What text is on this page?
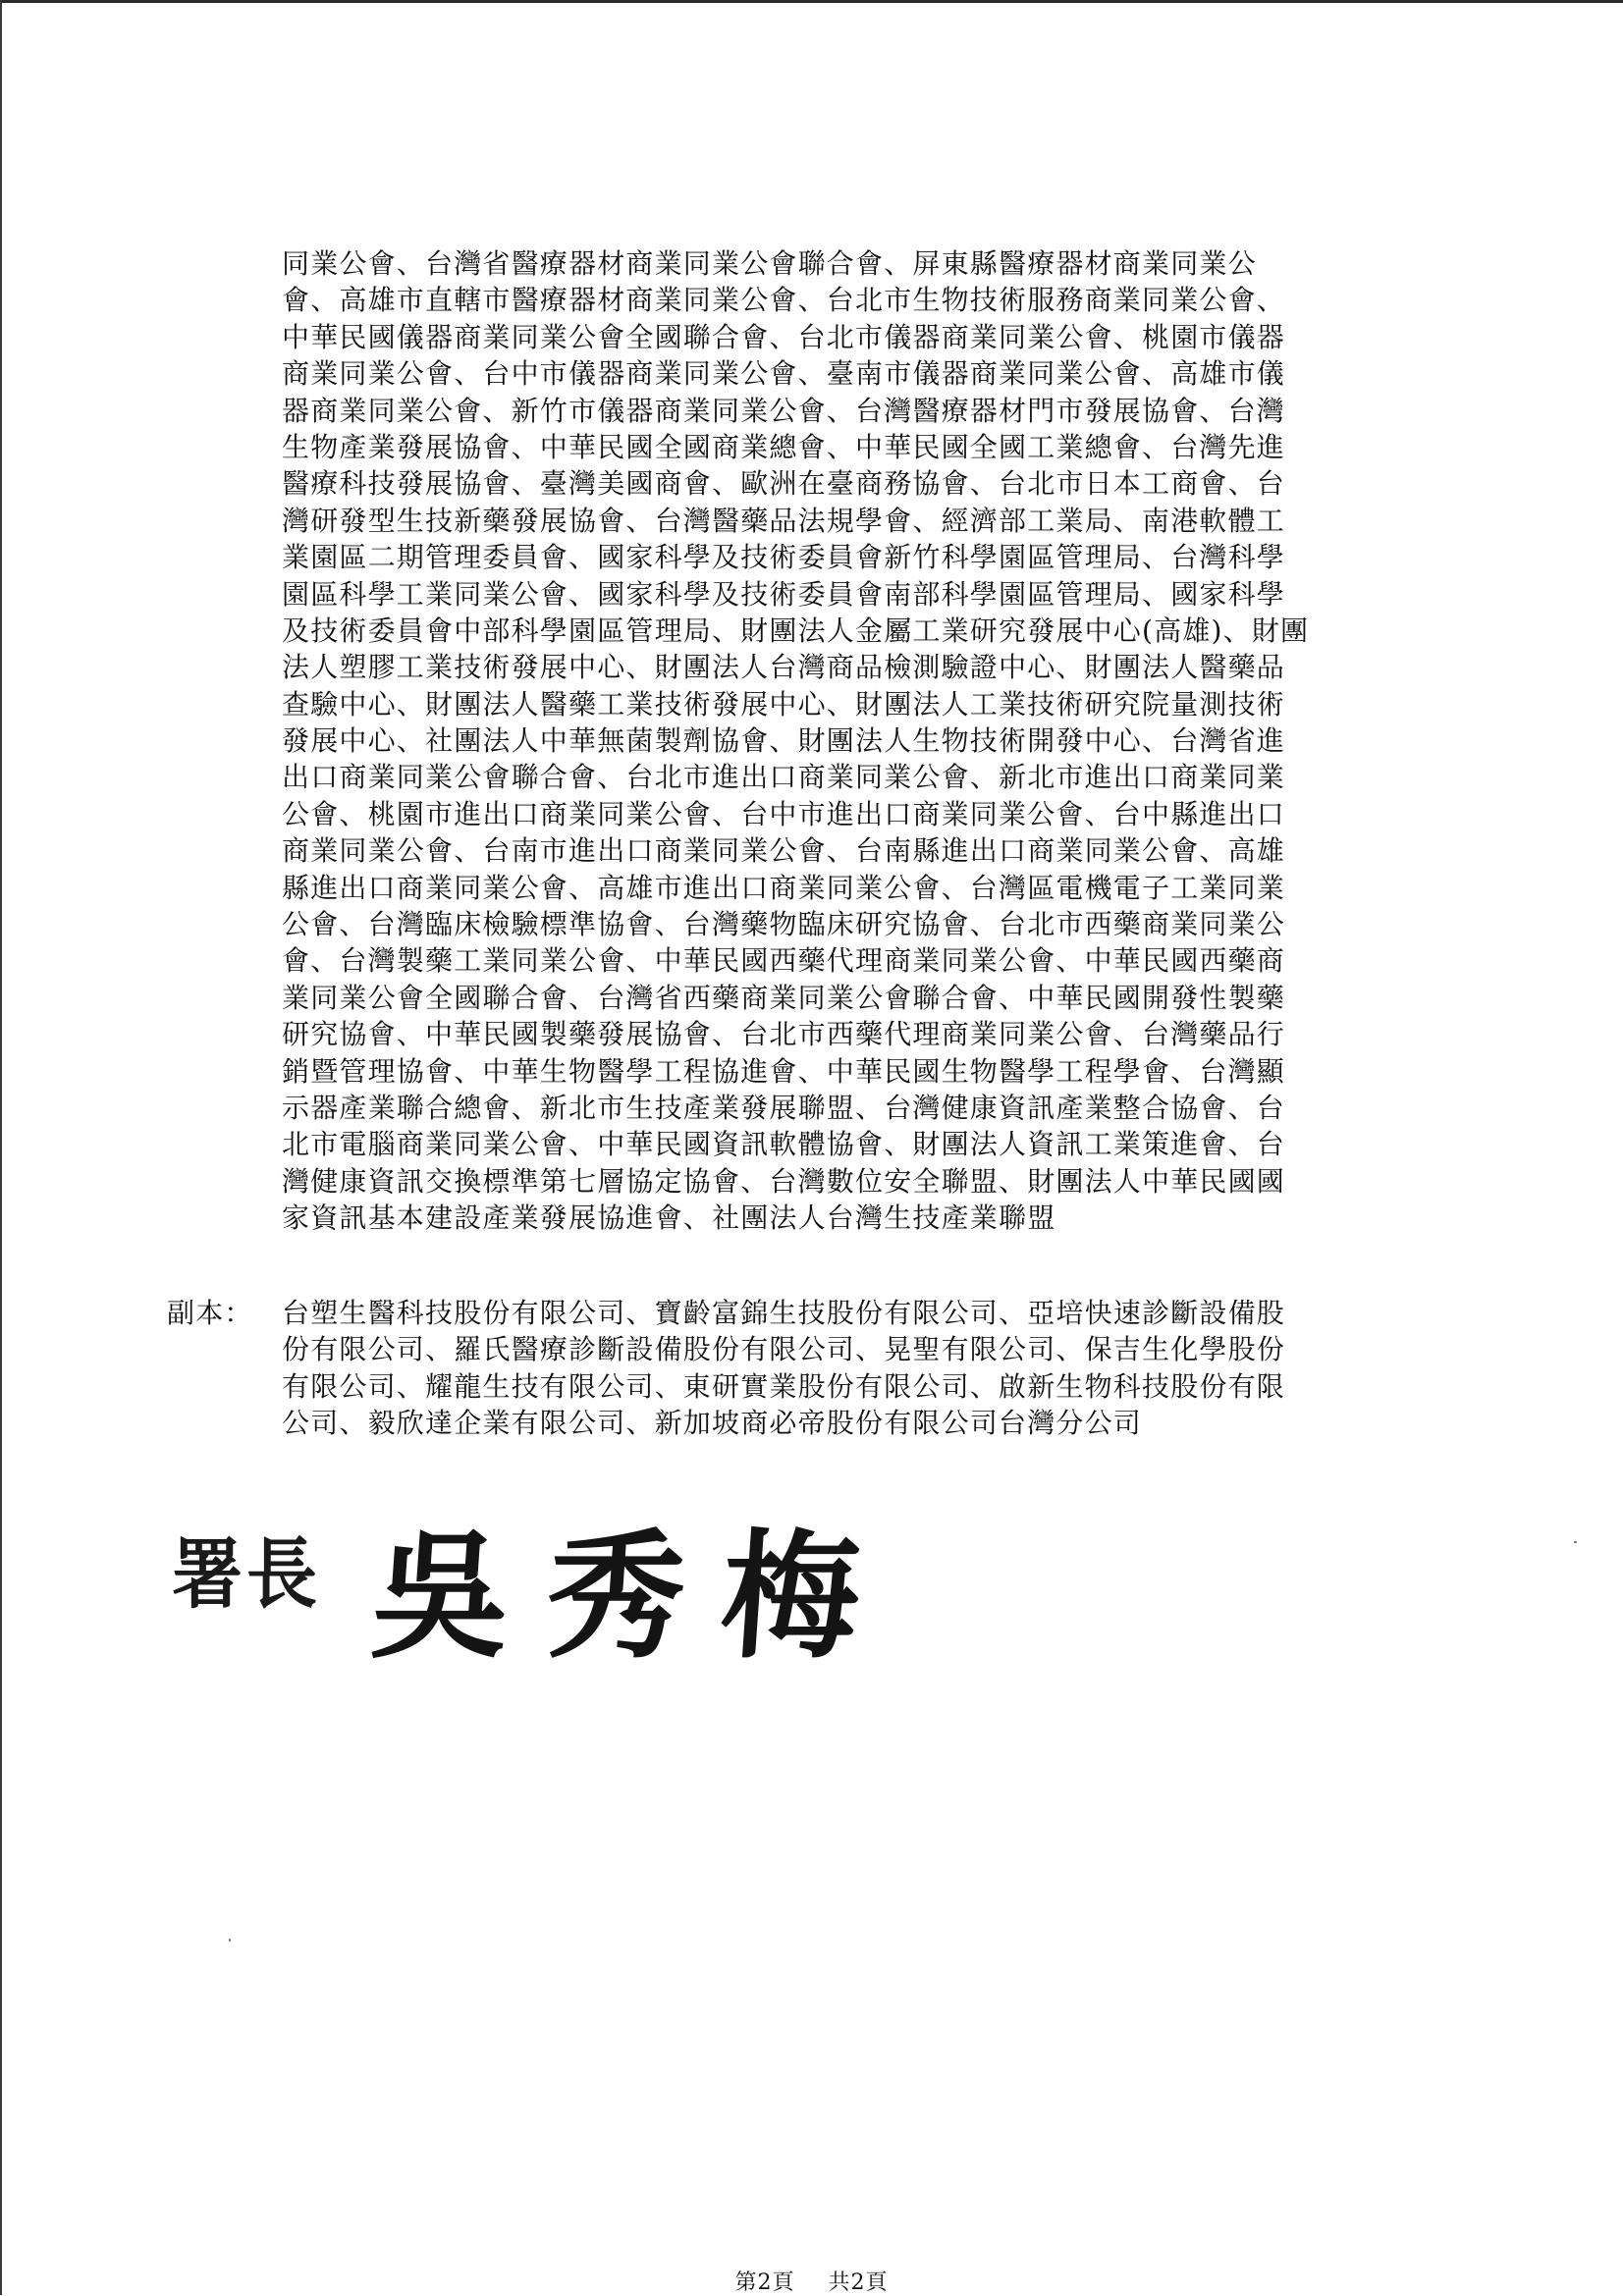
同業公會、台灣省醫療器材商業同業公會聯合會、屏東縣醫療器材商業同業公
會、高雄市直轄市醫療器材商業同業公會、台北市生物技術服務商業同業公會、
中華民國儀器商業同業公會全國聯合會、台北市儀器商業同業公會、桃園市儀器
商業同業公會、台中市儀器商業同業公會、臺南市儀器商業同業公會、高雄市儀
器商業同業公會、新竹市儀器商業同業公會、台灣醫療器材門市發展協會、台灣
生物產業發展協會、中華民國全國商業總會、中華民國全國工業總會、台灣先進
醫療科技發展協會、臺灣美國商會、歐洲在臺商務協會、台北市日本工商會、台
灣研發型生技新藥發展協會、台灣醫藥品法規學會、經濟部工業局、南港軟體工
業園區二期管理委員會、國家科學及技術委員會新竹科學園區管理局、台灣科學
園區科學工業同業公會、國家科學及技術委員會南部科學園區管理局、國家科學
及技術委員會中部科學園區管理局、財團法人金屬工業研究發展中心(高雄)、財團
法人塑膠工業技術發展中心、財團法人台灣商品檢測驗證中心、財團法人醫藥品
查驗中心、財團法人醫藥工業技術發展中心、財團法人工業技術研究院量測技術
發展中心、社團法人中華無菌製劑協會、財團法人生物技術開發中心、台灣省進
出口商業同業公會聯合會、台北市進出口商業同業公會、新北市進出口商業同業
公會、桃園市進出口商業同業公會、台中市進出口商業同業公會、台中縣進出口
商業同業公會、台南市進出口商業同業公會、台南縣進出口商業同業公會、高雄
縣進出口商業同業公會、高雄市進出口商業同業公會、台灣區電機電子工業同業
公會、台灣臨床檢驗標準協會、台灣藥物臨床研究協會、台北市西藥商業同業公
會、台灣製藥工業同業公會、中華民國西藥代理商業同業公會、中華民國西藥商
業同業公會全國聯合會、台灣省西藥商業同業公會聯合會、中華民國開發性製藥
研究協會、中華民國製藥發展協會、台北市西藥代理商業同業公會、台灣藥品行
銷暨管理協會、中華生物醫學工程協進會、中華民國生物醫學工程學會、台灣顯
示器產業聯合總會、新北市生技產業發展聯盟、台灣健康資訊產業整合協會、台
北市電腦商業同業公會、中華民國資訊軟體協會、財團法人資訊工業策進會、台
灣健康資訊交換標準第七層協定協會、台灣數位安全聯盟、財團法人中華民國國
家資訊基本建設產業發展協進會、社團法人台灣生技產業聯盟
副本：	台塑生醫科技股份有限公司、寶齡富錦生技股份有限公司、亞培快速診斷設備股
份有限公司、羅氏醫療診斷設備股份有限公司、晃聖有限公司、保吉生化學股份
有限公司、耀龍生技有限公司、東研實業股份有限公司、啟新生物科技股份有限
公司、毅欣達企業有限公司、新加坡商必帝股份有限公司台灣分公司
署長 吳秀梅
第2頁 共2頁
